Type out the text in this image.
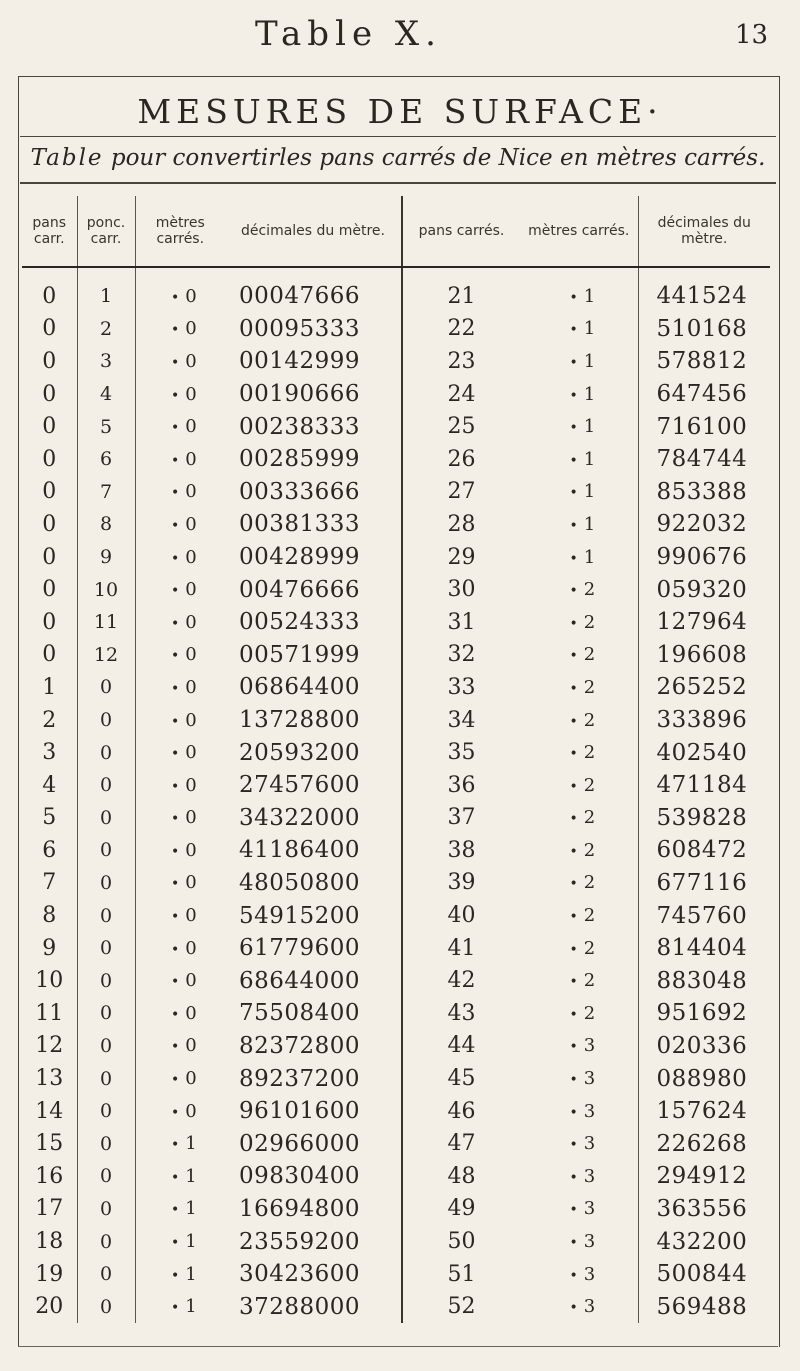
Table X.	13
MESURES DE SURFACE·
Table pour convertirles pans carrés de Nice en mètres carrés.
pans carr.	ponc. carr.	mètres carrés.	décimales du mètre.	pans carrés.	mètres carrés.	décimales du mètre.

0	1	• 0	00047666	21	• 1	441524
0	2	• 0	00095333	22	• 1	510168
0	3	• 0	00142999	23	• 1	578812
0	4	• 0	00190666	24	• 1	647456
0	5	• 0	00238333	25	• 1	716100
0	6	• 0	00285999	26	• 1	784744
0	7	• 0	00333666	27	• 1	853388
0	8	• 0	00381333	28	• 1	922032
0	9	• 0	00428999	29	• 1	990676
0	10	• 0	00476666	30	• 2	059320
0	11	• 0	00524333	31	• 2	127964
0	12	• 0	00571999	32	• 2	196608
1	0	• 0	06864400	33	• 2	265252
2	0	• 0	13728800	34	• 2	333896
3	0	• 0	20593200	35	• 2	402540
4	0	• 0	27457600	36	• 2	471184
5	0	• 0	34322000	37	• 2	539828
6	0	• 0	41186400	38	• 2	608472
7	0	• 0	48050800	39	• 2	677116
8	0	• 0	54915200	40	• 2	745760
9	0	• 0	61779600	41	• 2	814404
10	0	• 0	68644000	42	• 2	883048
11	0	• 0	75508400	43	• 2	951692
12	0	• 0	82372800	44	• 3	020336
13	0	• 0	89237200	45	• 3	088980
14	0	• 0	96101600	46	• 3	157624
15	0	• 1	02966000	47	• 3	226268
16	0	• 1	09830400	48	• 3	294912
17	0	• 1	16694800	49	• 3	363556
18	0	• 1	23559200	50	• 3	432200
19	0	• 1	30423600	51	• 3	500844
20	0	• 1	37288000	52	• 3	569488
